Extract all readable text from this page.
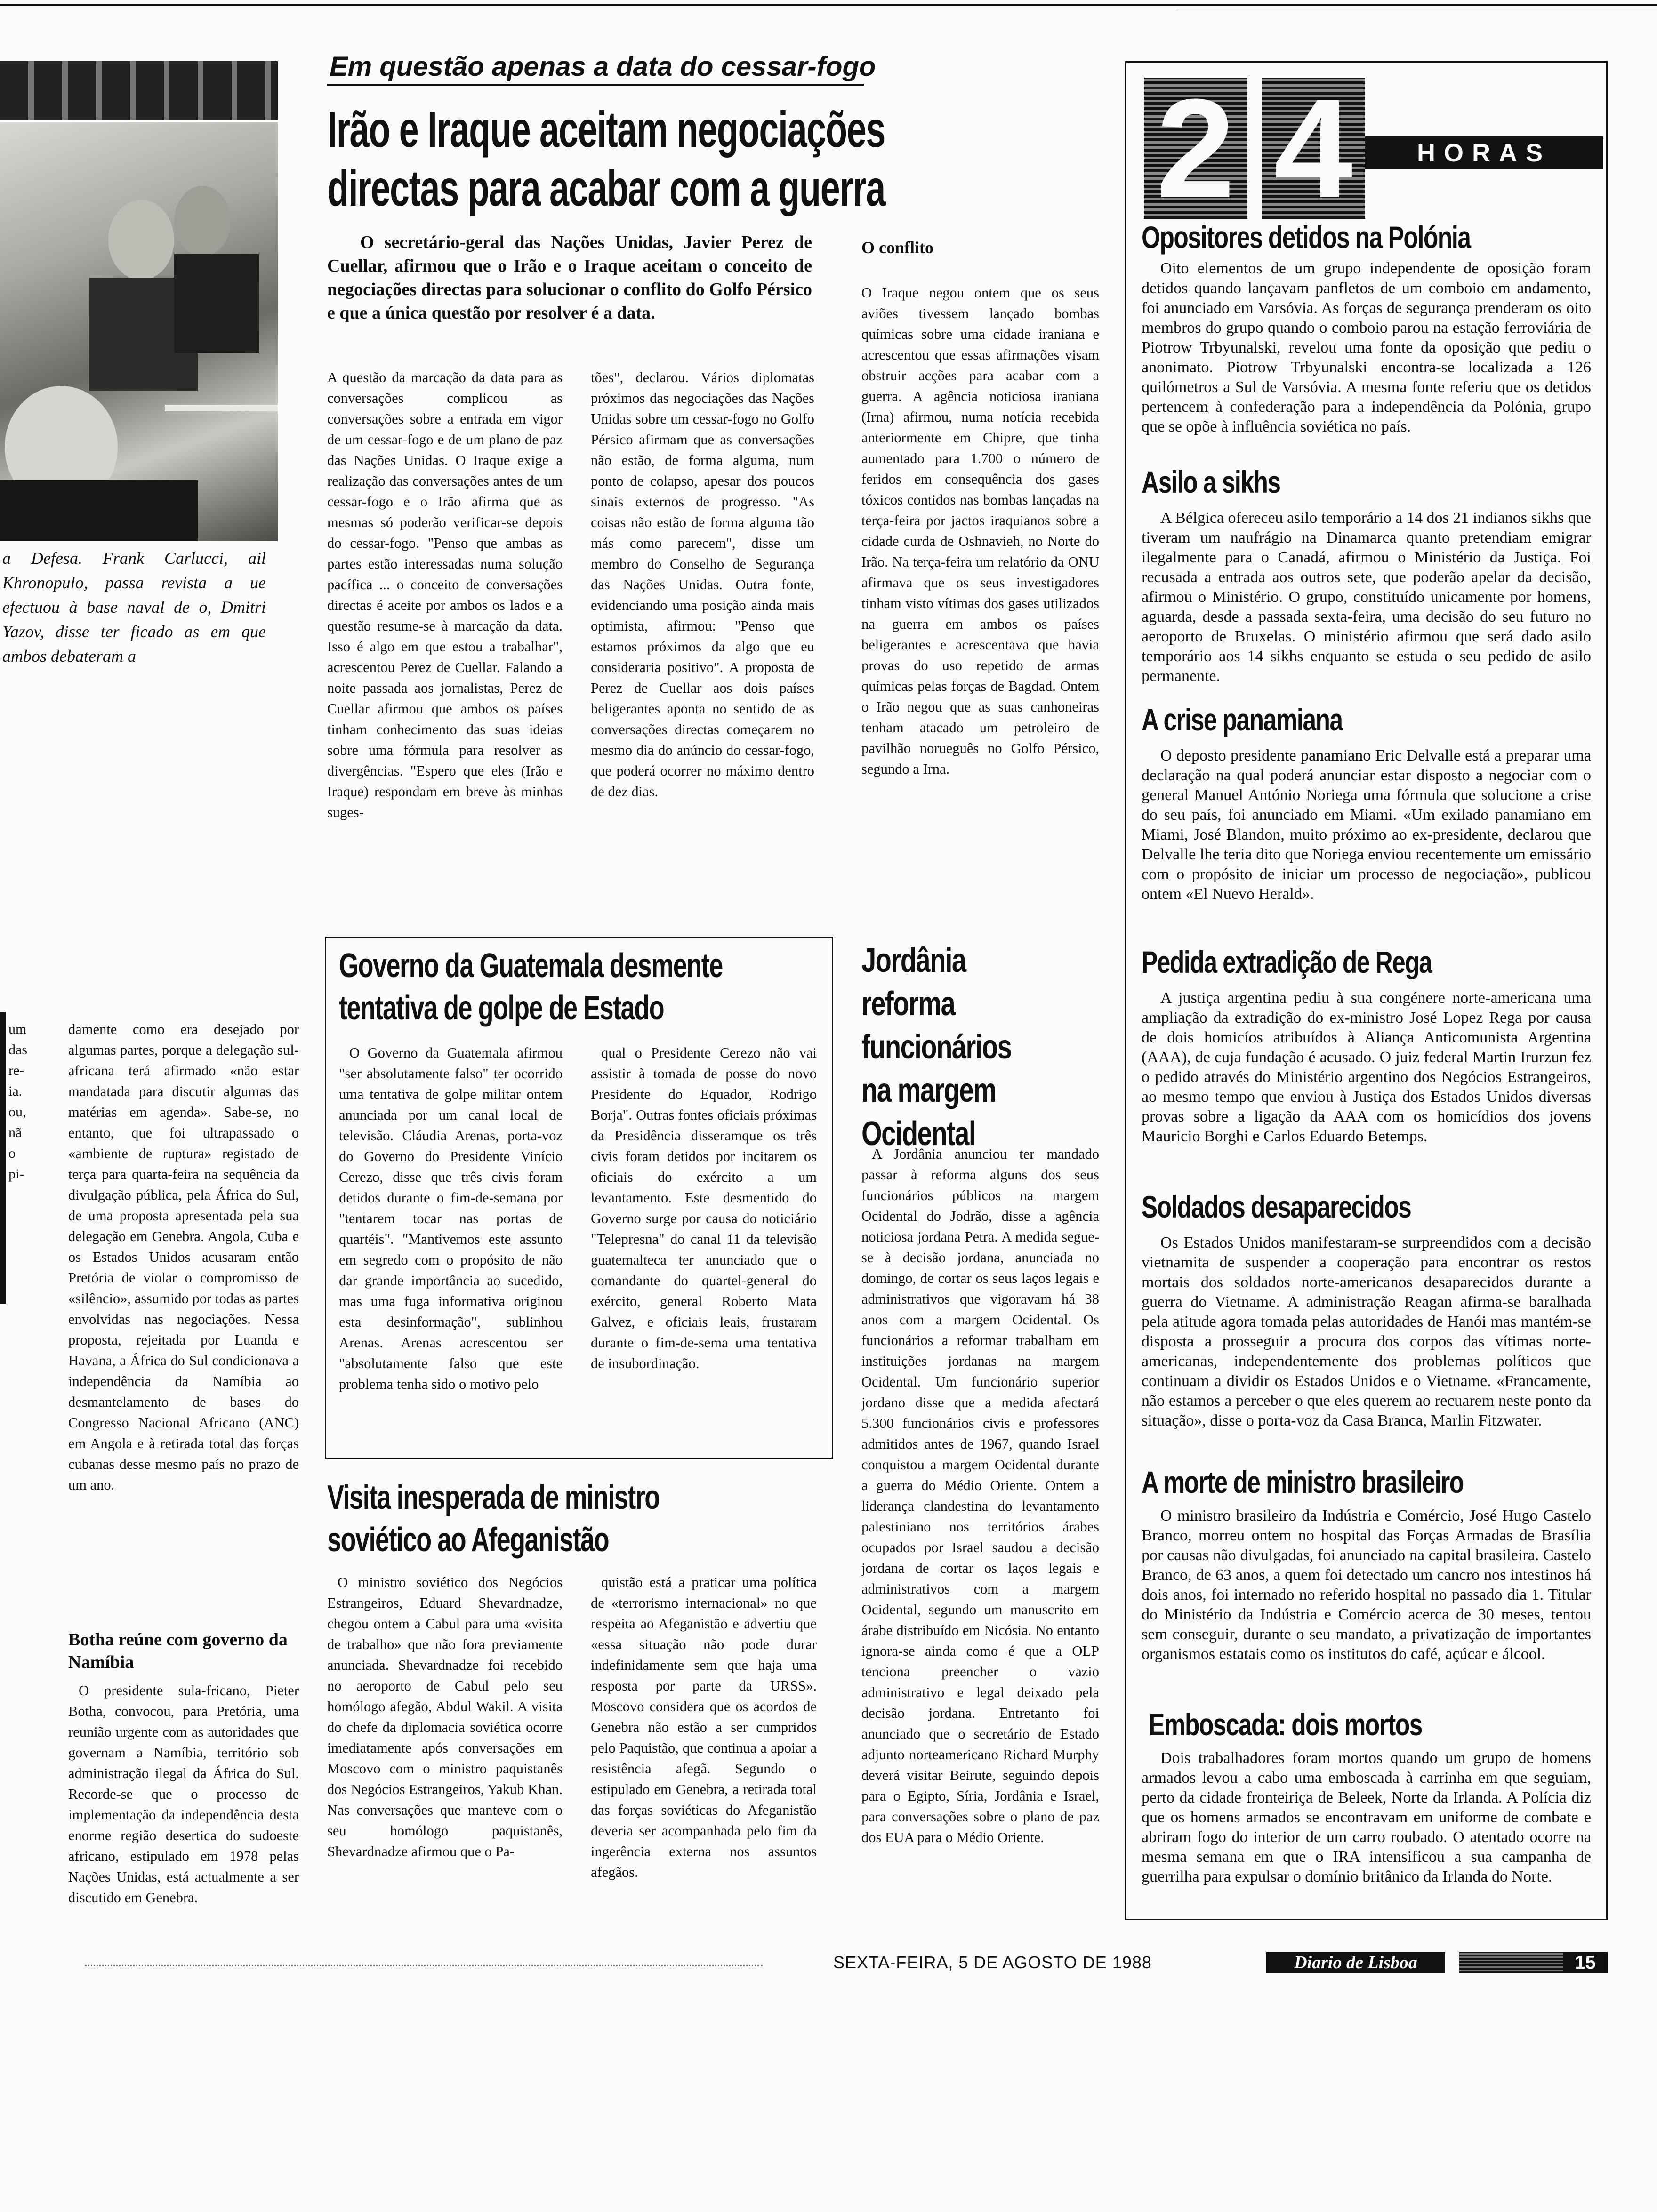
a Defesa. Frank Carlucci, ail Khronopulo, passa revista a ue efectuou à base naval de o, Dmitri Yazov, disse ter ficado as em que ambos debateram a
Em questão apenas a data do cessar-fogo
Irão e Iraque aceitam negociações
directas para acabar com a guerra
O secretário-geral das Nações Unidas, Javier Perez de Cuellar, afirmou que o Irão e o Iraque aceitam o conceito de negociações directas para solucionar o conflito do Golfo Pérsico e que a única questão por resolver é a data.
A questão da marcação da data para as conversações complicou as conversações sobre a entrada em vigor de um cessar-fogo e de um plano de paz das Nações Unidas. O Iraque exige a realização das conversações antes de um cessar-fogo e o Irão afirma que as mesmas só poderão verificar-se depois do cessar-fogo. "Penso que ambas as partes estão interessadas numa solução pacífica ... o conceito de conversações directas é aceite por ambos os lados e a questão resume-se à marcação da data. Isso é algo em que estou a trabalhar", acrescentou Perez de Cuellar. Falando a noite passada aos jornalistas, Perez de Cuellar afirmou que ambos os países tinham conhecimento das suas ideias sobre uma fórmula para resolver as divergências. "Espero que eles (Irão e Iraque) respondam em breve às minhas suges-
tões", declarou. Vários diplomatas próximos das negociações das Nações Unidas sobre um cessar-fogo no Golfo Pérsico afirmam que as conversações não estão, de forma alguma, num ponto de colapso, apesar dos poucos sinais externos de progresso. "As coisas não estão de forma alguma tão más como parecem", disse um membro do Conselho de Segurança das Nações Unidas. Outra fonte, evidenciando uma posição ainda mais optimista, afirmou: "Penso que estamos próximos da algo que eu consideraria positivo". A proposta de Perez de Cuellar aos dois países beligerantes aponta no sentido de as conversações directas começarem no mesmo dia do anúncio do cessar-fogo, que poderá ocorrer no máximo dentro de dez dias.
O conflito
O Iraque negou ontem que os seus aviões tivessem lançado bombas químicas sobre uma cidade iraniana e acrescentou que essas afirmações visam obstruir acções para acabar com a guerra. A agência noticiosa iraniana (Irna) afirmou, numa notícia recebida anteriormente em Chipre, que tinha aumentado para 1.700 o número de feridos em consequência dos gases tóxicos contidos nas bombas lançadas na terça-feira por jactos iraquianos sobre a cidade curda de Oshnavieh, no Norte do Irão. Na terça-feira um relatório da ONU afirmava que os seus investigadores tinham visto vítimas dos gases utilizados na guerra em ambos os países beligerantes e acrescentava que havia provas do uso repetido de armas químicas pelas forças de Bagdad. Ontem o Irão negou que as suas canhoneiras tenham atacado um petroleiro de pavilhão norueguês no Golfo Pérsico, segundo a Irna.
um das re- ia. ou, não pi-
damente como era desejado por algumas partes, porque a delegação sul-africana terá afirmado «não estar mandatada para discutir algumas das matérias em agenda». Sabe-se, no entanto, que foi ultrapassado o «ambiente de ruptura» registado de terça para quarta-feira na sequência da divulgação pública, pela África do Sul, de uma proposta apresentada pela sua delegação em Genebra. Angola, Cuba e os Estados Unidos acusaram então Pretória de violar o compromisso de «silêncio», assumido por todas as partes envolvidas nas negociações. Nessa proposta, rejeitada por Luanda e Havana, a África do Sul condicionava a independência da Namíbia ao desmantelamento de bases do Congresso Nacional Africano (ANC) em Angola e à retirada total das forças cubanas desse mesmo país no prazo de um ano.
Botha reúne com governo da Namíbia
O presidente sula-fricano, Pieter Botha, convocou, para Pretória, uma reunião urgente com as autoridades que governam a Namíbia, território sob administração ilegal da África do Sul. Recorde-se que o processo de implementação da independência desta enorme região desertica do sudoeste africano, estipulado em 1978 pelas Nações Unidas, está actualmente a ser discutido em Genebra.
Governo da Guatemala desmente
tentativa de golpe de Estado
O Governo da Guatemala afirmou "ser absolutamente falso" ter ocorrido uma tentativa de golpe militar ontem anunciada por um canal local de televisão. Cláudia Arenas, porta-voz do Governo do Presidente Vinício Cerezo, disse que três civis foram detidos durante o fim-de-semana por "tentarem tocar nas portas de quartéis". "Mantivemos este assunto em segredo com o propósito de não dar grande importância ao sucedido, mas uma fuga informativa originou esta desinformação", sublinhou Arenas. Arenas acrescentou ser "absolutamente falso que este problema tenha sido o motivo pelo
qual o Presidente Cerezo não vai assistir à tomada de posse do novo Presidente do Equador, Rodrigo Borja". Outras fontes oficiais próximas da Presidência disseramque os três civis foram detidos por incitarem os oficiais do exército a um levantamento. Este desmentido do Governo surge por causa do noticiário "Telepresna" do canal 11 da televisão guatemalteca ter anunciado que o comandante do quartel-general do exército, general Roberto Mata Galvez, e oficiais leais, frustaram durante o fim-de-sema uma tentativa de insubordinação.
Visita inesperada de ministro
soviético ao Afeganistão
O ministro soviético dos Negócios Estrangeiros, Eduard Shevardnadze, chegou ontem a Cabul para uma «visita de trabalho» que não fora previamente anunciada. Shevardnadze foi recebido no aeroporto de Cabul pelo seu homólogo afegão, Abdul Wakil. A visita do chefe da diplomacia soviética ocorre imediatamente após conversações em Moscovo com o ministro paquistanês dos Negócios Estrangeiros, Yakub Khan. Nas conversações que manteve com o seu homólogo paquistanês, Shevardnadze afirmou que o Pa-
quistão está a praticar uma política de «terrorismo internacional» no que respeita ao Afeganistão e advertiu que «essa situação não pode durar indefinidamente sem que haja uma resposta por parte da URSS». Moscovo considera que os acordos de Genebra não estão a ser cumpridos pelo Paquistão, que continua a apoiar a resistência afegã. Segundo o estipulado em Genebra, a retirada total das forças soviéticas do Afeganistão deveria ser acompanhada pelo fim da ingerência externa nos assuntos afegãos.
Jordânia reforma funcionários na margem Ocidental
A Jordânia anunciou ter mandado passar à reforma alguns dos seus funcionários públicos na margem Ocidental do Jodrão, disse a agência noticiosa jordana Petra. A medida segue-se à decisão jordana, anunciada no domingo, de cortar os seus laços legais e administrativos que vigoravam há 38 anos com a margem Ocidental. Os funcionários a reformar trabalham em instituições jordanas na margem Ocidental. Um funcionário superior jordano disse que a medida afectará 5.300 funcionários civis e professores admitidos antes de 1967, quando Israel conquistou a margem Ocidental durante a guerra do Médio Oriente. Ontem a liderança clandestina do levantamento palestiniano nos territórios árabes ocupados por Israel saudou a decisão jordana de cortar os laços legais e administrativos com a margem Ocidental, segundo um manuscrito em árabe distribuído em Nicósia. No entanto ignora-se ainda como é que a OLP tenciona preencher o vazio administrativo e legal deixado pela decisão jordana. Entretanto foi anunciado que o secretário de Estado adjunto norteamericano Richard Murphy deverá visitar Beirute, seguindo depois para o Egipto, Síria, Jordânia e Israel, para conversações sobre o plano de paz dos EUA para o Médio Oriente.
2 4	HORAS
Opositores detidos na Polónia
Oito elementos de um grupo independente de oposição foram detidos quando lançavam panfletos de um comboio em andamento, foi anunciado em Varsóvia. As forças de segurança prenderam os oito membros do grupo quando o comboio parou na estação ferroviária de Piotrow Trbyunalski, revelou uma fonte da oposição que pediu o anonimato. Piotrow Trbyunalski encontra-se localizada a 126 quilómetros a Sul de Varsóvia. A mesma fonte referiu que os detidos pertencem à confederação para a independência da Polónia, grupo que se opõe à influência soviética no país.
Asilo a sikhs
A Bélgica ofereceu asilo temporário a 14 dos 21 indianos sikhs que tiveram um naufrágio na Dinamarca quanto pretendiam emigrar ilegalmente para o Canadá, afirmou o Ministério da Justiça. Foi recusada a entrada aos outros sete, que poderão apelar da decisão, afirmou o Ministério. O grupo, constituído unicamente por homens, aguarda, desde a passada sexta-feira, uma decisão do seu futuro no aeroporto de Bruxelas. O ministério afirmou que será dado asilo temporário aos 14 sikhs enquanto se estuda o seu pedido de asilo permanente.
A crise panamiana
O deposto presidente panamiano Eric Delvalle está a preparar uma declaração na qual poderá anunciar estar disposto a negociar com o general Manuel António Noriega uma fórmula que solucione a crise do seu país, foi anunciado em Miami. «Um exilado panamiano em Miami, José Blandon, muito próximo ao ex-presidente, declarou que Delvalle lhe teria dito que Noriega enviou recentemente um emissário com o propósito de iniciar um processo de negociação», publicou ontem «El Nuevo Herald».
Pedida extradição de Rega
A justiça argentina pediu à sua congénere norte-americana uma ampliação da extradição do ex-ministro José Lopez Rega por causa de dois homicíos atribuídos à Aliança Anticomunista Argentina (AAA), de cuja fundação é acusado. O juiz federal Martin Irurzun fez o pedido através do Ministério argentino dos Negócios Estrangeiros, ao mesmo tempo que enviou à Justiça dos Estados Unidos diversas provas sobre a ligação da AAA com os homicídios dos jovens Mauricio Borghi e Carlos Eduardo Betemps.
Soldados desaparecidos
Os Estados Unidos manifestaram-se surpreendidos com a decisão vietnamita de suspender a cooperação para encontrar os restos mortais dos soldados norte-americanos desaparecidos durante a guerra do Vietname. A administração Reagan afirma-se baralhada pela atitude agora tomada pelas autoridades de Hanói mas mantém-se disposta a prosseguir a procura dos corpos das vítimas norte-americanas, independentemente dos problemas políticos que continuam a dividir os Estados Unidos e o Vietname. «Francamente, não estamos a perceber o que eles querem ao recuarem neste ponto da situação», disse o porta-voz da Casa Branca, Marlin Fitzwater.
A morte de ministro brasileiro
O ministro brasileiro da Indústria e Comércio, José Hugo Castelo Branco, morreu ontem no hospital das Forças Armadas de Brasília por causas não divulgadas, foi anunciado na capital brasileira. Castelo Branco, de 63 anos, a quem foi detectado um cancro nos intestinos há dois anos, foi internado no referido hospital no passado dia 1. Titular do Ministério da Indústria e Comércio acerca de 30 meses, tentou sem conseguir, durante o seu mandato, a privatização de importantes organismos estatais como os institutos do café, açúcar e álcool.
Emboscada: dois mortos
Dois trabalhadores foram mortos quando um grupo de homens armados levou a cabo uma emboscada à carrinha em que seguiam, perto da cidade fronteiriça de Beleek, Norte da Irlanda. A Polícia diz que os homens armados se encontravam em uniforme de combate e abriram fogo do interior de um carro roubado. O atentado ocorre na mesma semana em que o IRA intensificou a sua campanha de guerrilha para expulsar o domínio britânico da Irlanda do Norte.
SEXTA-FEIRA, 5 DE AGOSTO DE 1988	Diario de Lisboa	15
